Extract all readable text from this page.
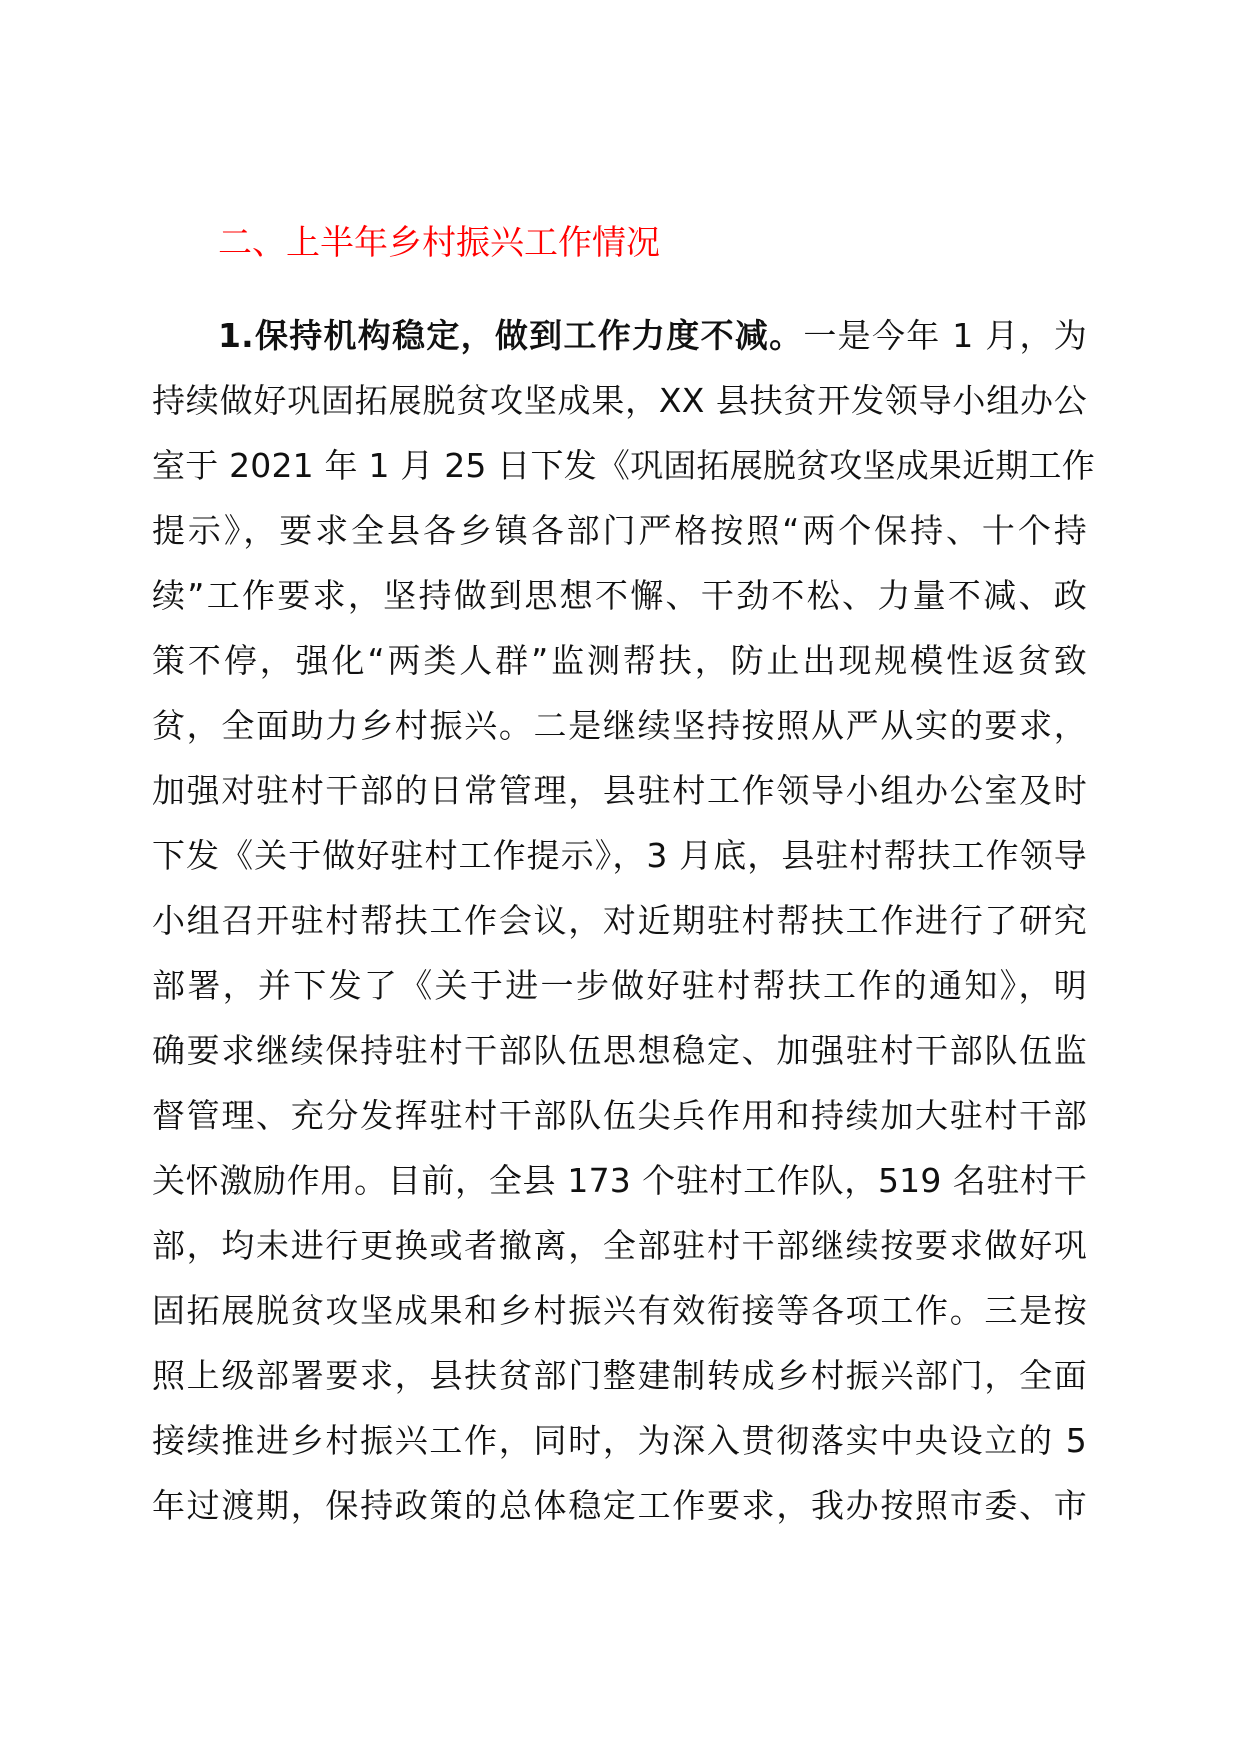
二、上半年乡村振兴工作情况
1.保持机构稳定，做到工作力度不减。一是今年 1 月，为
持续做好巩固拓展脱贫攻坚成果，XX 县扶贫开发领导小组办公
室于 2021 年 1 月 25 日下发《巩固拓展脱贫攻坚成果近期工作
提示》，要求全县各乡镇各部门严格按照“两个保持、十个持
续”工作要求，坚持做到思想不懈、干劲不松、力量不减、政
策不停，强化“两类人群”监测帮扶，防止出现规模性返贫致
贫，全面助力乡村振兴。二是继续坚持按照从严从实的要求，
加强对驻村干部的日常管理，县驻村工作领导小组办公室及时
下发《关于做好驻村工作提示》，3 月底，县驻村帮扶工作领导
小组召开驻村帮扶工作会议，对近期驻村帮扶工作进行了研究
部署，并下发了《关于进一步做好驻村帮扶工作的通知》，明
确要求继续保持驻村干部队伍思想稳定、加强驻村干部队伍监
督管理、充分发挥驻村干部队伍尖兵作用和持续加大驻村干部
关怀激励作用。目前，全县 173 个驻村工作队，519 名驻村干
部，均未进行更换或者撤离，全部驻村干部继续按要求做好巩
固拓展脱贫攻坚成果和乡村振兴有效衔接等各项工作。三是按
照上级部署要求，县扶贫部门整建制转成乡村振兴部门，全面
接续推进乡村振兴工作，同时，为深入贯彻落实中央设立的 5
年过渡期，保持政策的总体稳定工作要求，我办按照市委、市
